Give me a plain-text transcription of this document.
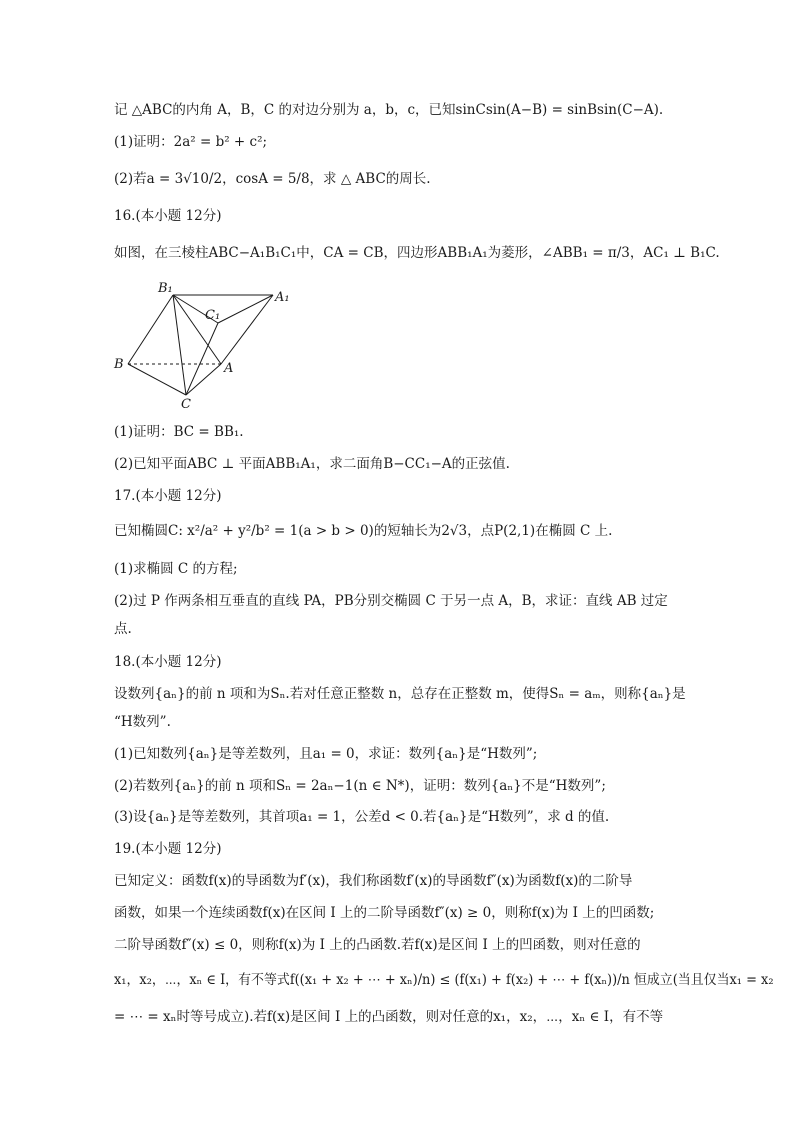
记 △ABC的内角 A，B，C 的对边分别为 a，b，c，已知sinCsin(A−B) = sinBsin(C−A).
(1)证明：2a² = b² + c²;
(2)若a = 3√10/2，cosA = 5/8，求 △ ABC的周长.
16.(本小题 12分)
如图，在三棱柱ABC−A₁B₁C₁中，CA = CB，四边形ABB₁A₁为菱形，∠ABB₁ = π/3，AC₁ ⊥ B₁C.
B₁
A₁
C₁
B	A
C
(1)证明：BC = BB₁.
(2)已知平面ABC ⊥ 平面ABB₁A₁，求二面角B−CC₁−A的正弦值.
17.(本小题 12分)
已知椭圆C: x²/a² + y²/b² = 1(a > b > 0)的短轴长为2√3，点P(2,1)在椭圆 C 上.
(1)求椭圆 C 的方程;
(2)过 P 作两条相互垂直的直线 PA，PB分别交椭圆 C 于另一点 A，B，求证：直线 AB 过定
点.
18.(本小题 12分)
设数列{aₙ}的前 n 项和为Sₙ.若对任意正整数 n，总存在正整数 m，使得Sₙ = aₘ，则称{aₙ}是
“H数列”.
(1)已知数列{aₙ}是等差数列，且a₁ = 0，求证：数列{aₙ}是“H数列”;
(2)若数列{aₙ}的前 n 项和Sₙ = 2aₙ−1(n ∈ N*)，证明：数列{aₙ}不是“H数列”;
(3)设{aₙ}是等差数列，其首项a₁ = 1，公差d < 0.若{aₙ}是“H数列”，求 d 的值.
19.(本小题 12分)
已知定义：函数f(x)的导函数为f′(x)，我们称函数f′(x)的导函数f″(x)为函数f(x)的二阶导
函数，如果一个连续函数f(x)在区间 I 上的二阶导函数f″(x) ≥ 0，则称f(x)为 I 上的凹函数;
二阶导函数f″(x) ≤ 0，则称f(x)为 I 上的凸函数.若f(x)是区间 I 上的凹函数，则对任意的
x₁，x₂，⋯，xₙ ∈ I，有不等式f((x₁ + x₂ + ⋯ + xₙ)/n) ≤ (f(x₁) + f(x₂) + ⋯ + f(xₙ))/n 恒成立(当且仅当x₁ = x₂
= ⋯ = xₙ时等号成立).若f(x)是区间 I 上的凸函数，则对任意的x₁，x₂，⋯，xₙ ∈ I，有不等
